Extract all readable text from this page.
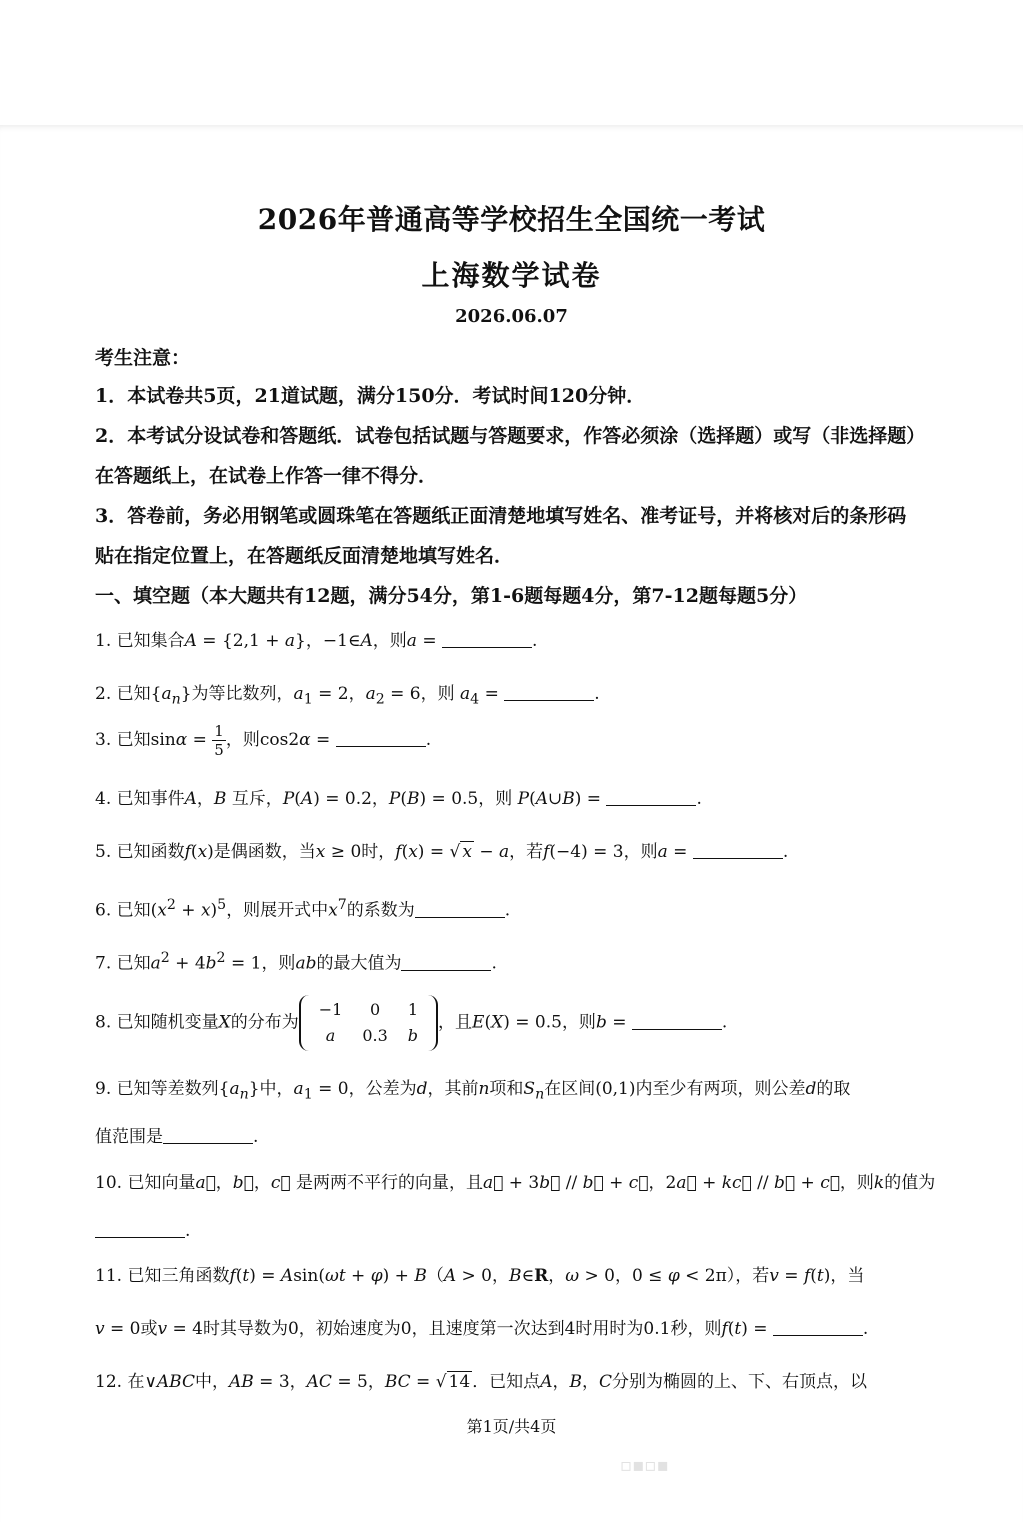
2026年普通高等学校招生全国统一考试
上海数学试卷
2026.06.07
考生注意：
1．本试卷共5页，21道试题，满分150分．考试时间120分钟．
2．本考试分设试卷和答题纸．试卷包括试题与答题要求，作答必须涂（选择题）或写（非选择题）在答题纸上，在试卷上作答一律不得分．
3．答卷前，务必用钢笔或圆珠笔在答题纸正面清楚地填写姓名、准考证号，并将核对后的条形码贴在指定位置上，在答题纸反面清楚地填写姓名．
一、填空题（本大题共有12题，满分54分，第1-6题每题4分，第7-12题每题5分）
1. 已知集合A = {2,1 + a}，−1∈A，则a =	.
2. 已知$\{a_n\}$为等比数列，$a_1 = 2$，$a_2 = 6$，则 $a_4$ =	.
3. 已知$\sin\alpha = \frac{1}{5}$ ，则cos2α =	.
4. 已知事件A，B 互斥，P(A) = 0.2，P(B) = 0.5，则 P(A∪B) =	.
5. 已知函数f(x)是偶函数，当x ≥ 0时，f(x) = √ x − a，若f(−4) = 3，则a =	.
6. 已知$(x^2 + x)^5$，则展开式中$x^7$的系数为	.
7. 已知$a^2 + 4b^2 = 1$，则ab的最大值为	.
8. 已知随机变量X的分布为
−1	0	1
a	0.3	b
，且E(X) = 0.5，则b =	.
9. 已知等差数列$\{a_n\}$中，$a_1 = 0$，公差为d，其前n项和$S_n$在区间(0,1)内至少有两项，则公差d的取
值范围是	.
10. 已知向量a⃗，b⃗，c⃗ 是两两不平行的向量，且a⃗ + 3b⃗ // b⃗ + c⃗，2a⃗ + kc⃗ // b⃗ + c⃗，则k的值为
.
11. 已知三角函数f(t) = Asin(ωt + φ) + B（A > 0，B∈R，ω > 0，0 ≤ φ < 2π），若v = f(t)，当
v = 0或v = 4时其导数为0，初始速度为0，且速度第一次达到4时用时为0.1秒，则f(t) =	.
12. 在∨ABC中，AB = 3，AC = 5，BC = √ 14 ．已知点A，B，C分别为椭圆的上、下、右顶点，以
第1页/共4页
▫▪▫▪
